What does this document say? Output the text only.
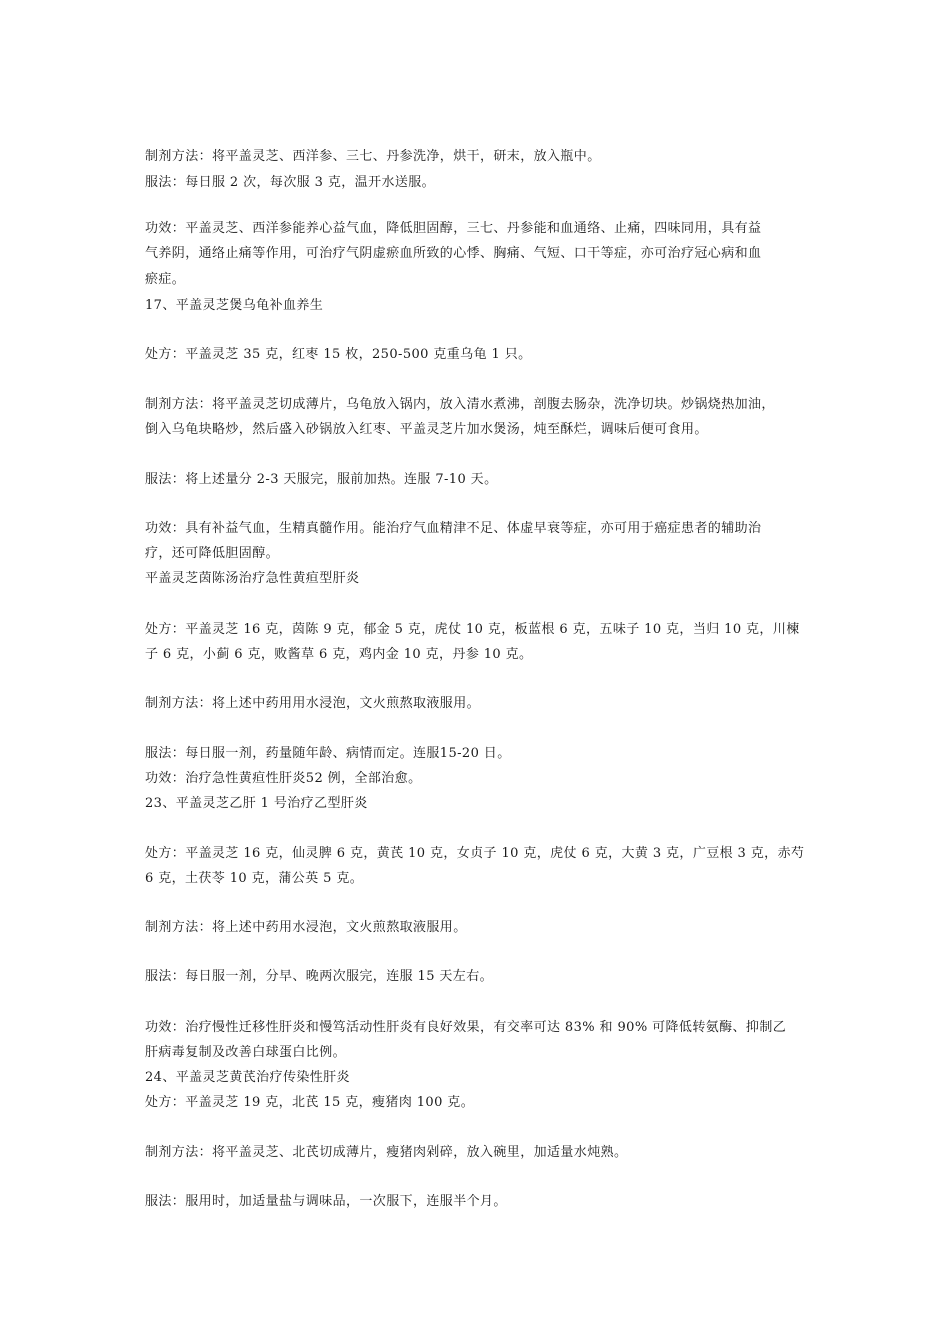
制剂方法：将平盖灵芝、西洋参、三七、丹参洗净，烘干，研末，放入瓶中。
服法：每日服 2 次，每次服 3 克，温开水送服。
功效：平盖灵芝、西洋参能养心益气血，降低胆固醇，三七、丹参能和血通络、止痛，四味同用，具有益
气养阴，通络止痛等作用，可治疗气阴虚瘀血所致的心悸、胸痛、气短、口干等症，亦可治疗冠心病和血
瘀症。
17、平盖灵芝煲乌龟补血养生
处方：平盖灵芝 35 克，红枣 15 枚，250-500 克重乌龟 1 只。
制剂方法：将平盖灵芝切成薄片，乌龟放入锅内，放入清水煮沸，剖腹去肠杂，洗净切块。炒锅烧热加油，
倒入乌龟块略炒，然后盛入砂锅放入红枣、平盖灵芝片加水煲汤，炖至酥烂，调味后便可食用。
服法：将上述量分 2-3 天服完，服前加热。连服 7-10 天。
功效：具有补益气血，生精真髓作用。能治疗气血精津不足、体虚早衰等症，亦可用于癌症患者的辅助治
疗，还可降低胆固醇。
平盖灵芝茵陈汤治疗急性黄疸型肝炎
处方：平盖灵芝 16 克，茵陈 9 克，郁金 5 克，虎仗 10 克，板蓝根 6 克，五味子 10 克，当归 10 克，川楝
子 6 克，小蓟 6 克，败酱草 6 克，鸡内金 10 克，丹参 10 克。
制剂方法：将上述中药用用水浸泡，文火煎熬取液服用。
服法：每日服一剂，药量随年龄、病情而定。连服15-20 日。
功效：治疗急性黄疸性肝炎52 例，全部治愈。
23、平盖灵芝乙肝 1 号治疗乙型肝炎
处方：平盖灵芝 16 克，仙灵脾 6 克，黄芪 10 克，女贞子 10 克，虎仗 6 克，大黄 3 克，广豆根 3 克，赤芍
6 克，土茯苓 10 克，蒲公英 5 克。
制剂方法：将上述中药用水浸泡，文火煎熬取液服用。
服法：每日服一剂，分早、晚两次服完，连服 15 天左右。
功效：治疗慢性迁移性肝炎和慢笃活动性肝炎有良好效果，有交率可达 83% 和 90% 可降低转氨酶、抑制乙
肝病毒复制及改善白球蛋白比例。
24、平盖灵芝黄芪治疗传染性肝炎
处方：平盖灵芝 19 克，北芪 15 克，瘦猪肉 100 克。
制剂方法：将平盖灵芝、北芪切成薄片，瘦猪肉剁碎，放入碗里，加适量水炖熟。
服法：服用时，加适量盐与调味品，一次服下，连服半个月。
